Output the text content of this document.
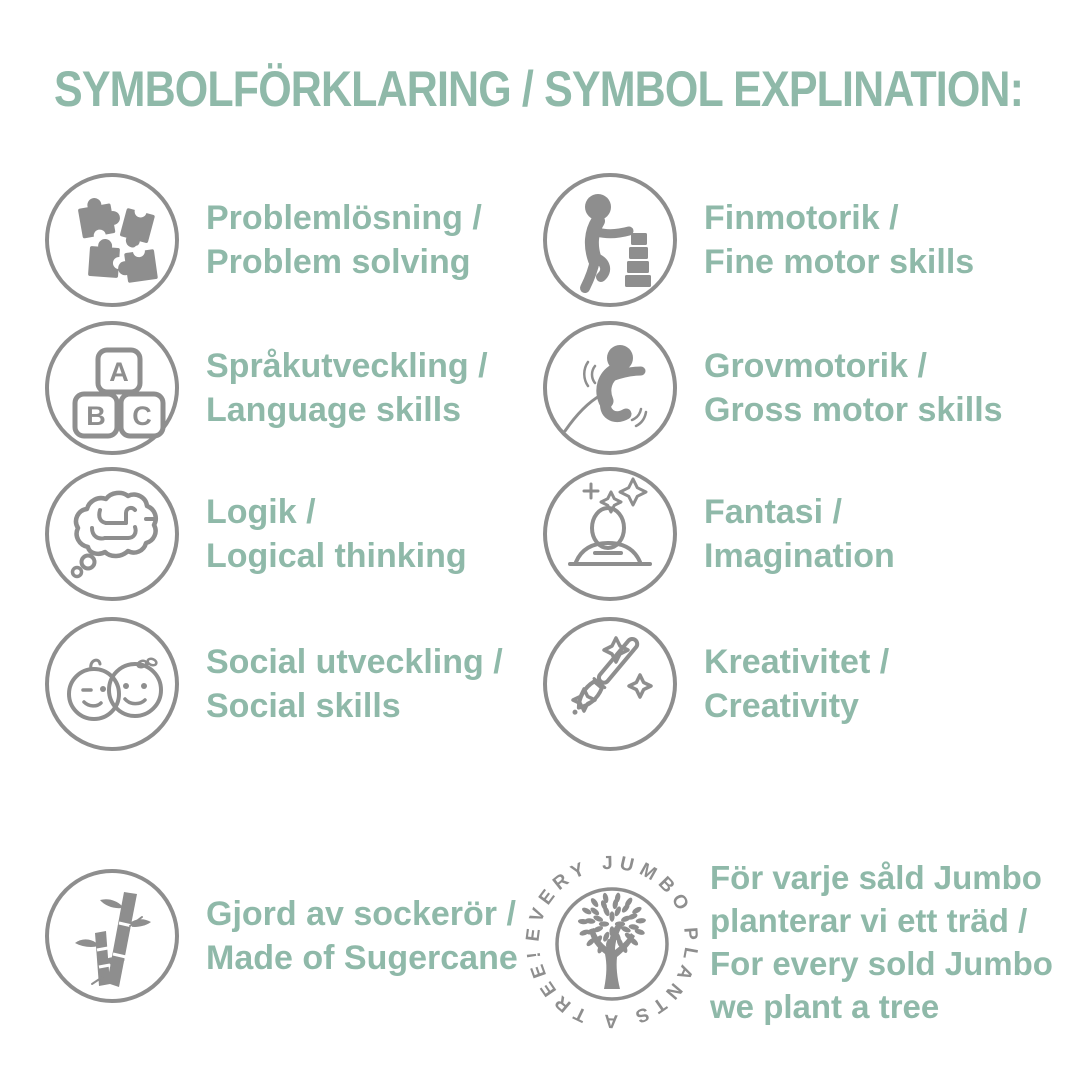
SYMBOLFÖRKLARING / SYMBOL EXPLINATION:
Problemlösning /
Problem solving
A
B C
Språkutveckling /
Language skills
Logik /
Logical thinking
Social utveckling /
Social skills
Gjord av sockerör /
Made of Sugercane
Finmotorik /
Fine motor skills
Grovmotorik /
Gross motor skills
Fantasi /
Imagination
Kreativitet /
Creativity
EVERY JUMBO PLANTS A TREE!
För varje såld Jumbo
planterar vi ett träd /
For every sold Jumbo
we plant a tree
